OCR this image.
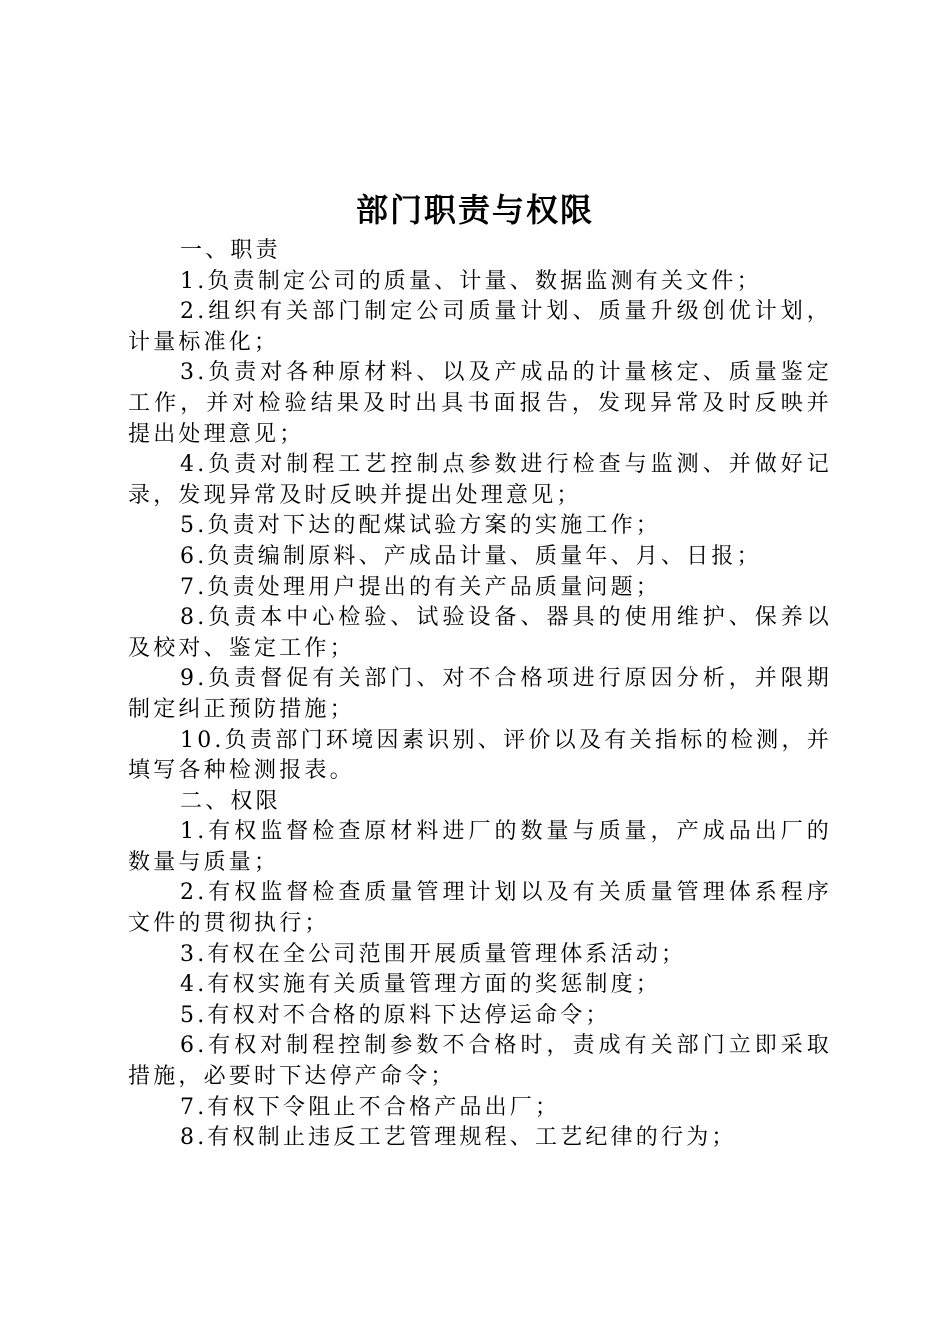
部门职责与权限

一、职责

1.负责制定公司的质量、计量、数据监测有关文件；

2.组织有关部门制定公司质量计划、质量升级创优计划，计量标准化；

3.负责对各种原材料、以及产成品的计量核定、质量鉴定工作，并对检验结果及时出具书面报告，发现异常及时反映并提出处理意见；

4.负责对制程工艺控制点参数进行检查与监测、并做好记录，发现异常及时反映并提出处理意见；

5.负责对下达的配煤试验方案的实施工作；

6.负责编制原料、产成品计量、质量年、月、日报；

7.负责处理用户提出的有关产品质量问题；

8.负责本中心检验、试验设备、器具的使用维护、保养以及校对、鉴定工作；

9.负责督促有关部门、对不合格项进行原因分析，并限期制定纠正预防措施；

10.负责部门环境因素识别、评价以及有关指标的检测，并填写各种检测报表。

二、权限

1.有权监督检查原材料进厂的数量与质量，产成品出厂的数量与质量；

2.有权监督检查质量管理计划以及有关质量管理体系程序文件的贯彻执行；

3.有权在全公司范围开展质量管理体系活动；

4.有权实施有关质量管理方面的奖惩制度；

5.有权对不合格的原料下达停运命令；

6.有权对制程控制参数不合格时，责成有关部门立即采取措施，必要时下达停产命令；

7.有权下令阻止不合格产品出厂；

8.有权制止违反工艺管理规程、工艺纪律的行为；
